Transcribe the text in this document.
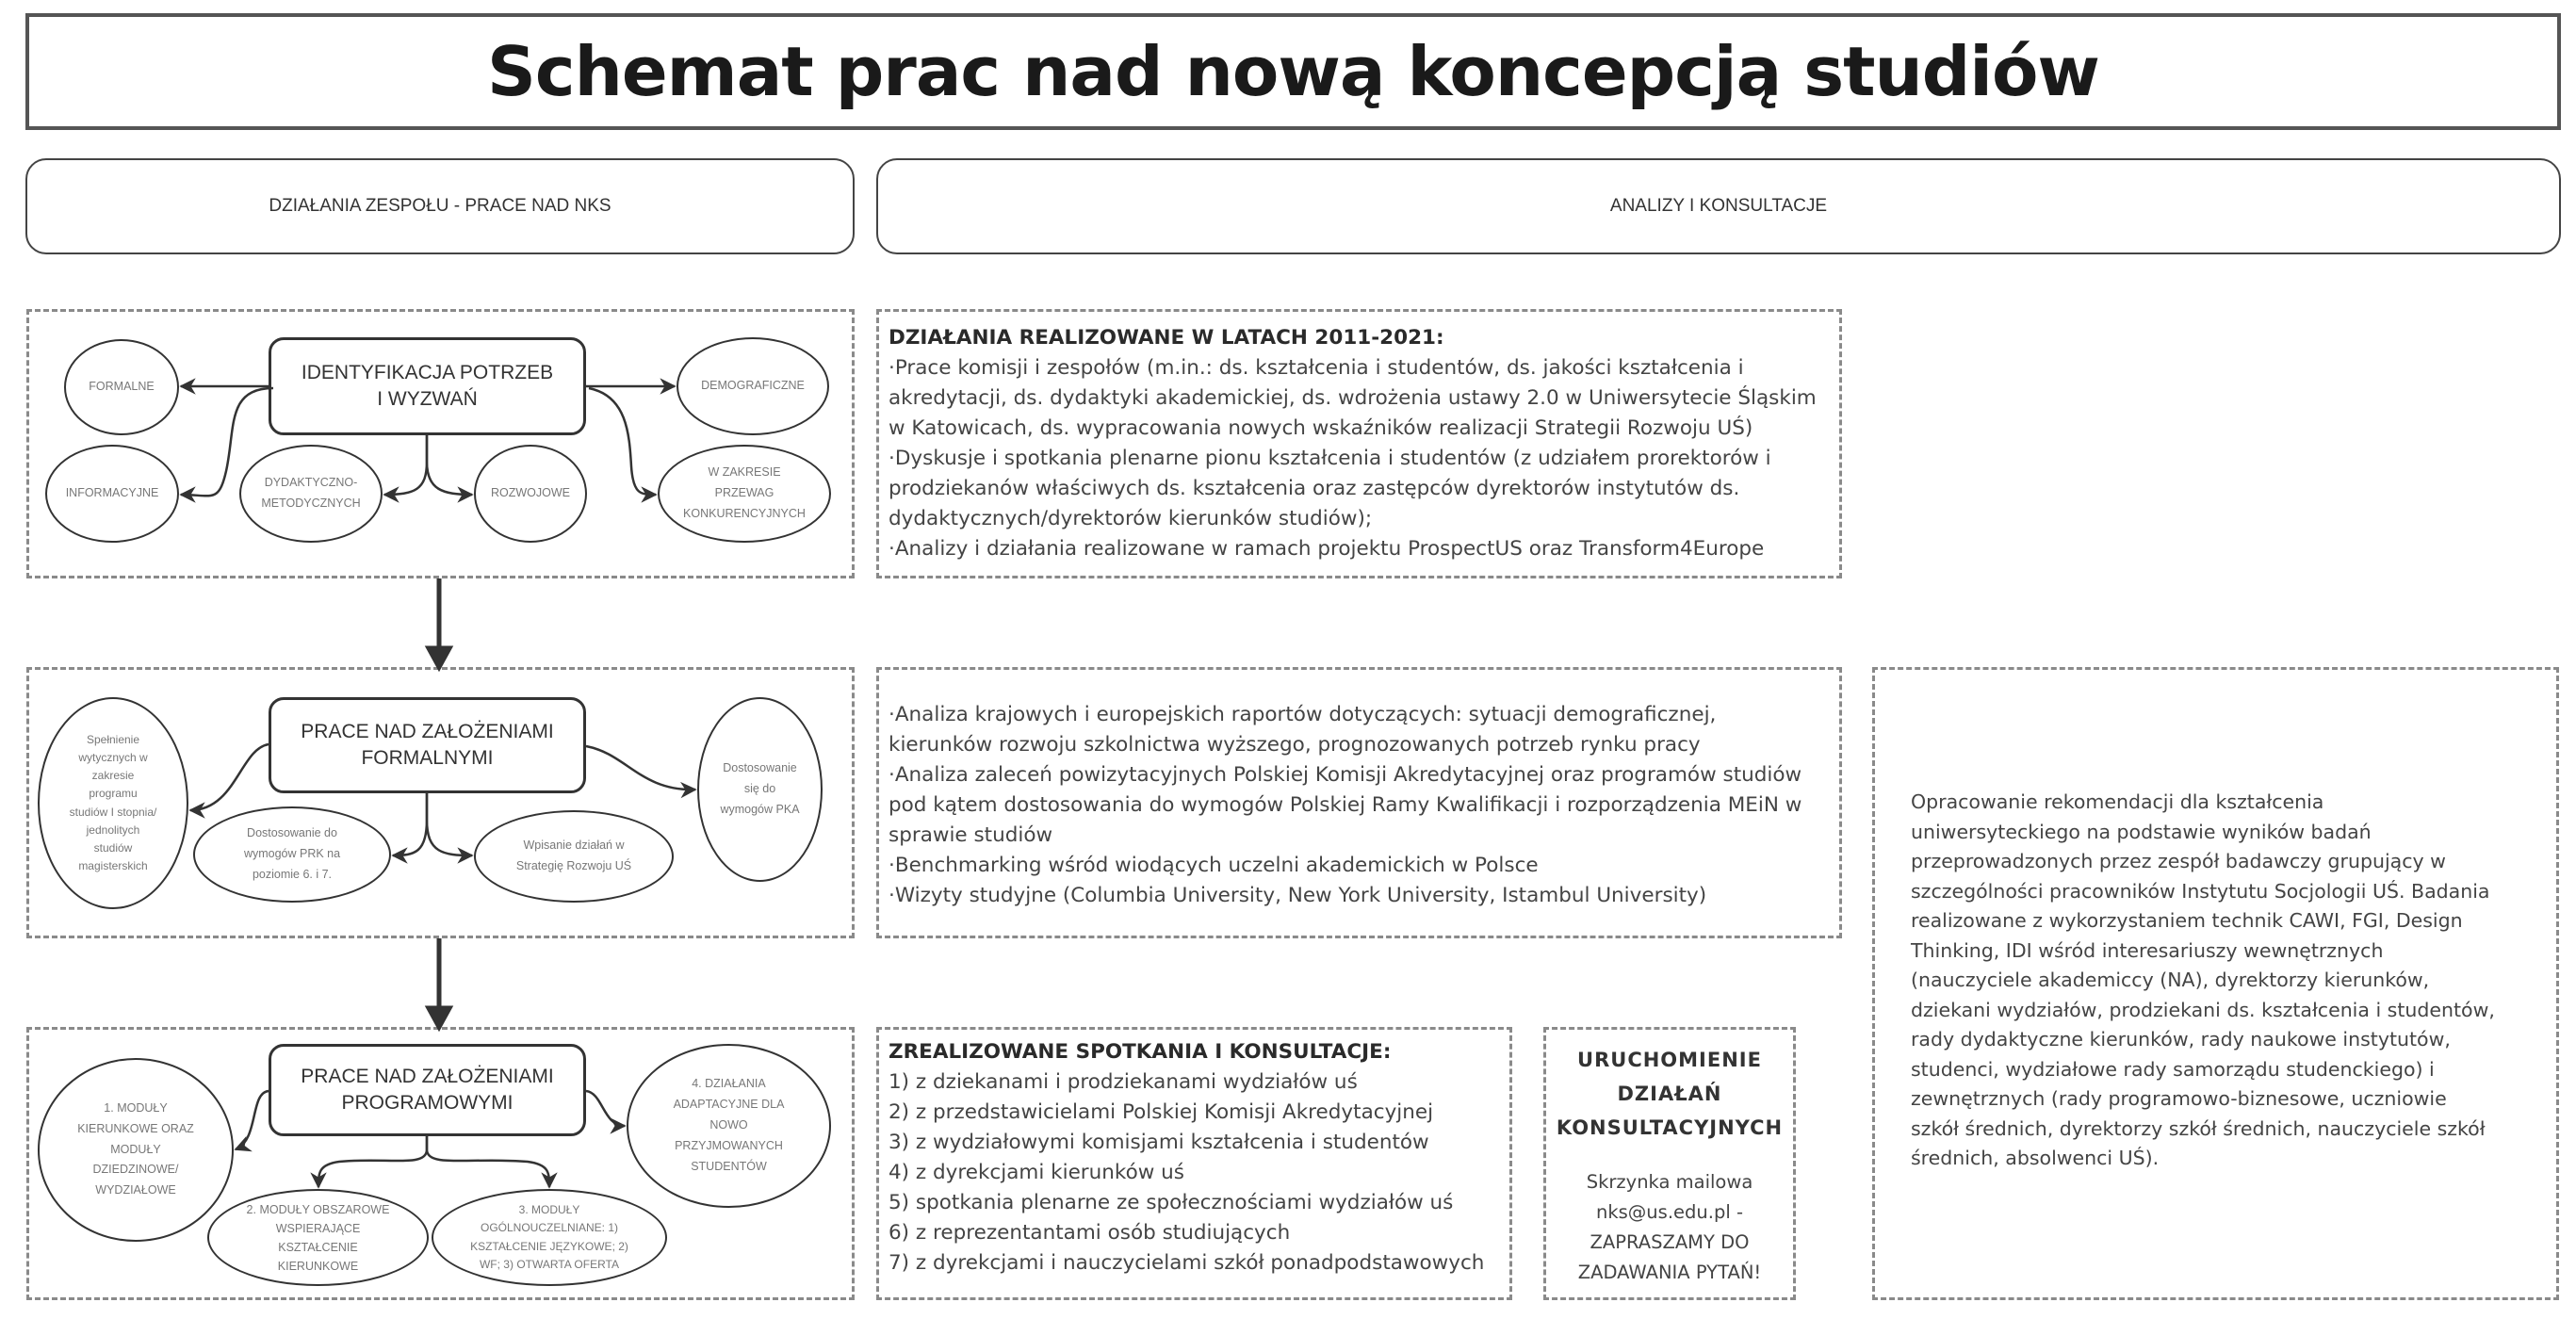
Schemat prac nad nową koncepcją studiów
DZIAŁANIA ZESPOŁU - PRACE NAD NKS	ANALIZY I KONSULTACJE
FORMALNE
INFORMACYJNE
DYDAKTYCZNO-
METODYCZNYCH
ROZWOJOWE
DEMOGRAFICZNE
W ZAKRESIE
PRZEWAG
KONKURENCYJNYCH
IDENTYFIKACJA POTRZEB
I WYZWAŃ
Spełnienie
wytycznych w
zakresie
programu
studiów I stopnia/
jednolitych
studiów
magisterskich
Dostosowanie do
wymogów PRK na
poziomie 6. i 7.
Wpisanie działań w
Strategię Rozwoju UŚ
Dostosowanie
się do
wymogów PKA
PRACE NAD ZAŁOŻENIAMI
FORMALNYMI
1. MODUŁY
KIERUNKOWE ORAZ
MODUŁY
DZIEDZINOWE/
WYDZIAŁOWE
2. MODUŁY OBSZAROWE
WSPIERAJĄCE
KSZTAŁCENIE
KIERUNKOWE
3. MODUŁY
OGÓLNOUCZELNIANE: 1)
KSZTAŁCENIE JĘZYKOWE; 2)
WF; 3) OTWARTA OFERTA
4. DZIAŁANIA
ADAPTACYJNE DLA
NOWO
PRZYJMOWANYCH
STUDENTÓW
PRACE NAD ZAŁOŻENIAMI
PROGRAMOWYMI
DZIAŁANIA REALIZOWANE W LATACH 2011-2021:
·Prace komisji i zespołów (m.in.: ds. kształcenia i studentów, ds. jakości kształcenia i
akredytacji, ds. dydaktyki akademickiej, ds. wdrożenia ustawy 2.0 w Uniwersytecie Śląskim
w Katowicach, ds. wypracowania nowych wskaźników realizacji Strategii Rozwoju UŚ)
·Dyskusje i spotkania plenarne pionu kształcenia i studentów (z udziałem prorektorów i
prodziekanów właściwych ds. kształcenia oraz zastępców dyrektorów instytutów ds.
dydaktycznych/dyrektorów kierunków studiów);
·Analizy i działania realizowane w ramach projektu ProspectUS oraz Transform4Europe
·Analiza krajowych i europejskich raportów dotyczących: sytuacji demograficznej,
kierunków rozwoju szkolnictwa wyższego, prognozowanych potrzeb rynku pracy
·Analiza zaleceń powizytacyjnych Polskiej Komisji Akredytacyjnej oraz programów studiów
pod kątem dostosowania do wymogów Polskiej Ramy Kwalifikacji i rozporządzenia MEiN w
sprawie studiów
·Benchmarking wśród wiodących uczelni akademickich w Polsce
·Wizyty studyjne (Columbia University, New York University, Istambul University)
ZREALIZOWANE SPOTKANIA I KONSULTACJE:
1) z dziekanami i prodziekanami wydziałów uś
2) z przedstawicielami Polskiej Komisji Akredytacyjnej
3) z wydziałowymi komisjami kształcenia i studentów
4) z dyrekcjami kierunków uś
5) spotkania plenarne ze społecznościami wydziałów uś
6) z reprezentantami osób studiujących
7) z dyrekcjami i nauczycielami szkół ponadpodstawowych
URUCHOMIENIE
DZIAŁAŃ
KONSULTACYJNYCH
Skrzynka mailowa
nks@us.edu.pl -
ZAPRASZAMY DO
ZADAWANIA PYTAŃ!
Opracowanie rekomendacji dla kształcenia
uniwersyteckiego na podstawie wyników badań
przeprowadzonych przez zespół badawczy grupujący w
szczególności pracowników Instytutu Socjologii UŚ. Badania
realizowane z wykorzystaniem technik CAWI, FGI, Design
Thinking, IDI wśród interesariuszy wewnętrznych
(nauczyciele akademiccy (NA), dyrektorzy kierunków,
dziekani wydziałów, prodziekani ds. kształcenia i studentów,
rady dydaktyczne kierunków, rady naukowe instytutów,
studenci, wydziałowe rady samorządu studenckiego) i
zewnętrznych (rady programowo-biznesowe, uczniowie
szkół średnich, dyrektorzy szkół średnich, nauczyciele szkół
średnich, absolwenci UŚ).
